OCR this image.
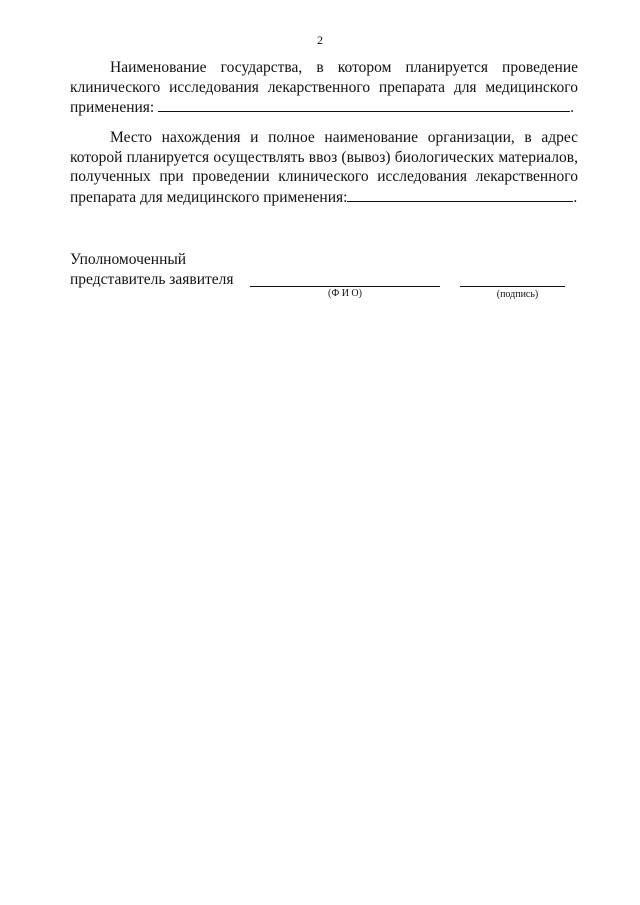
2
Наименование государства, в котором планируется проведение
клинического исследования лекарственного препарата для медицинского
применения:	.
Место нахождения и полное наименование организации, в адрес
которой планируется осуществлять ввоз (вывоз) биологических материалов,
полученных при проведении клинического исследования лекарственного
препарата для медицинского применения:	.
Уполномоченный
представитель заявителя
(Ф И О)	(подпись)
